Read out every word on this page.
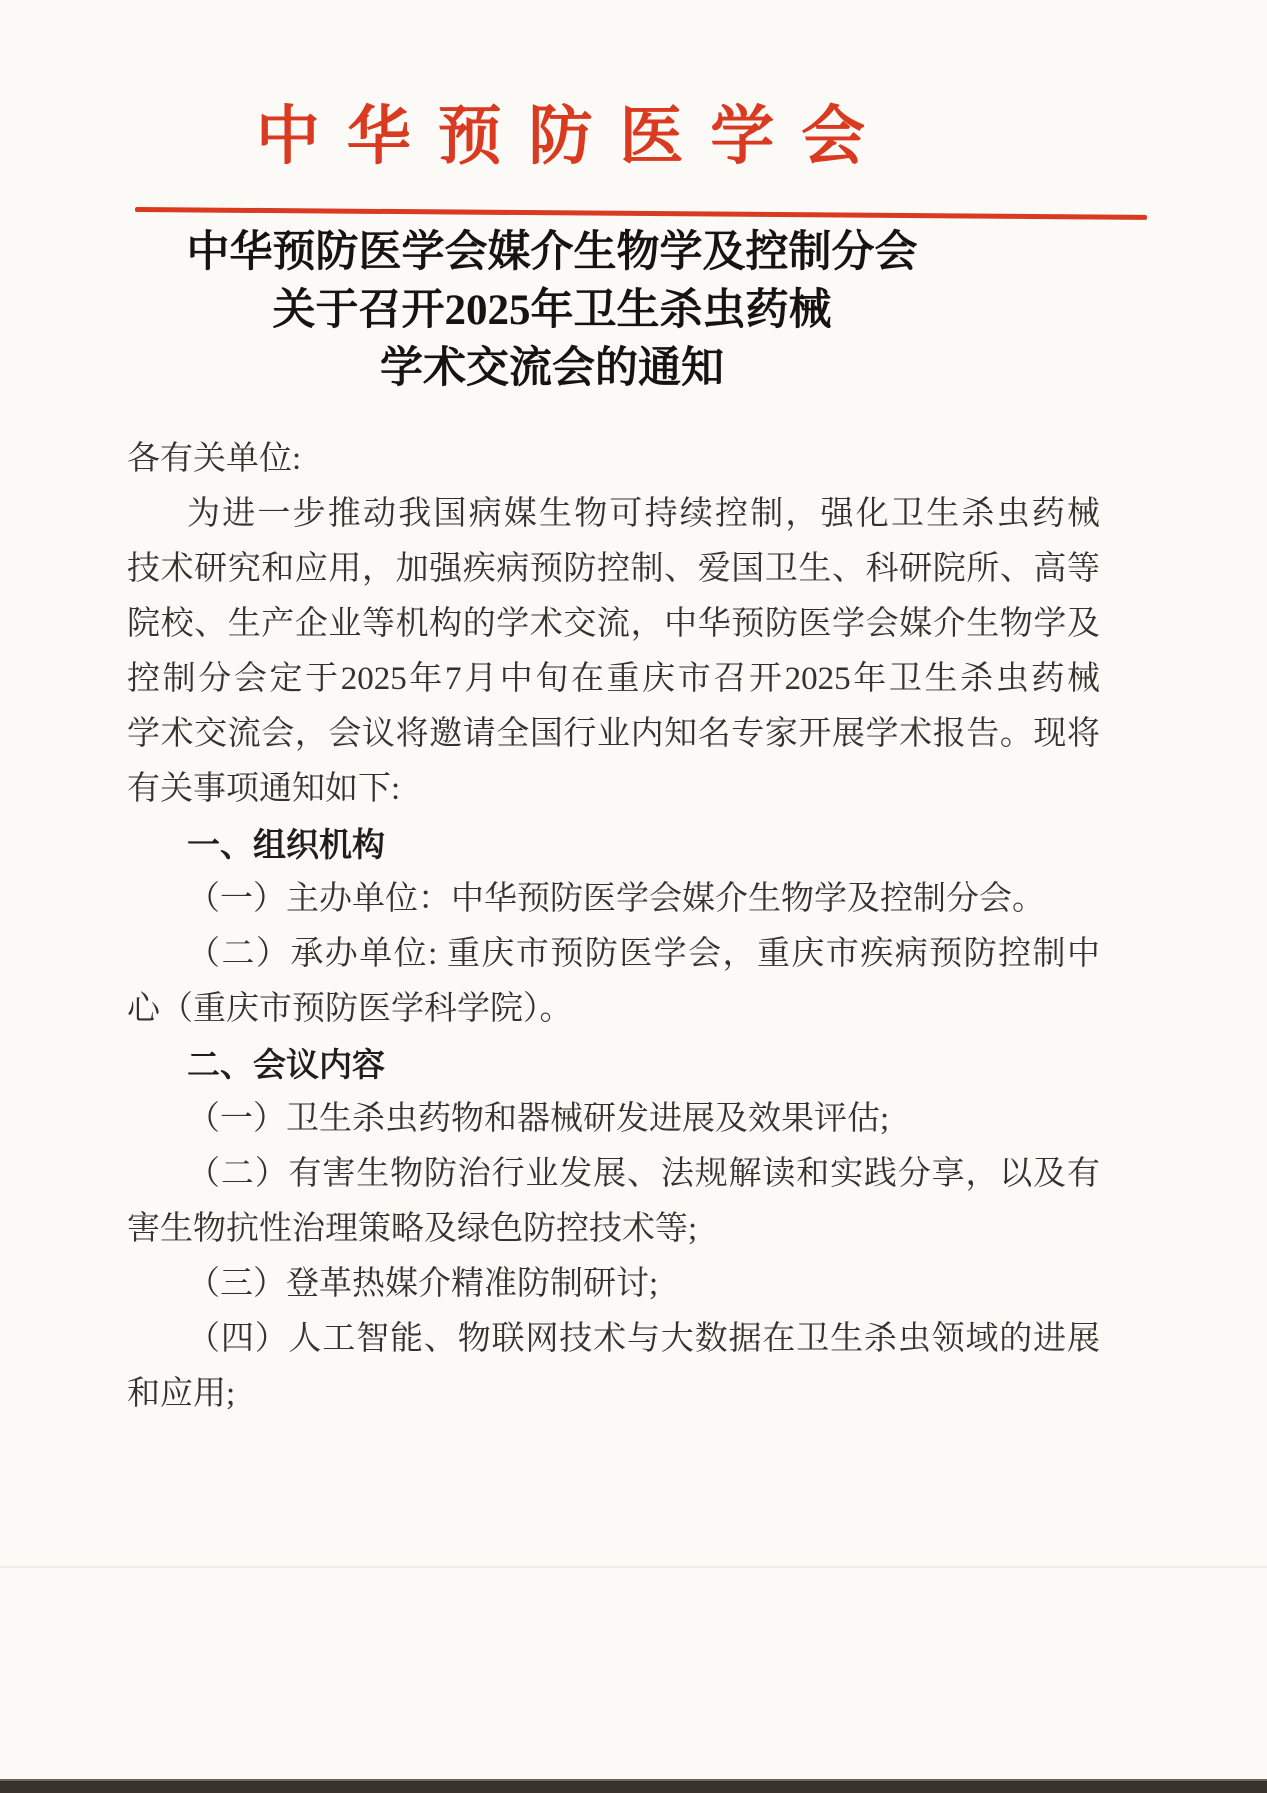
中华预防医学会
中华预防医学会媒介生物学及控制分会
关于召开2025年卫生杀虫药械
学术交流会的通知
各有关单位:
为进一步推动我国病媒生物可持续控制，强化卫生杀虫药械
技术研究和应用，加强疾病预防控制、爱国卫生、科研院所、高等
院校、生产企业等机构的学术交流，中华预防医学会媒介生物学及
控制分会定于2025年7月中旬在重庆市召开2025年卫生杀虫药械
学术交流会，会议将邀请全国行业内知名专家开展学术报告。现将
有关事项通知如下:
一、组织机构
（一）主办单位：中华预防医学会媒介生物学及控制分会。
（二）承办单位: 重庆市预防医学会，重庆市疾病预防控制中
心（重庆市预防医学科学院）。
二、会议内容
（一）卫生杀虫药物和器械研发进展及效果评估;
（二）有害生物防治行业发展、法规解读和实践分享，以及有
害生物抗性治理策略及绿色防控技术等;
（三）登革热媒介精准防制研讨;
（四）人工智能、物联网技术与大数据在卫生杀虫领域的进展
和应用;
